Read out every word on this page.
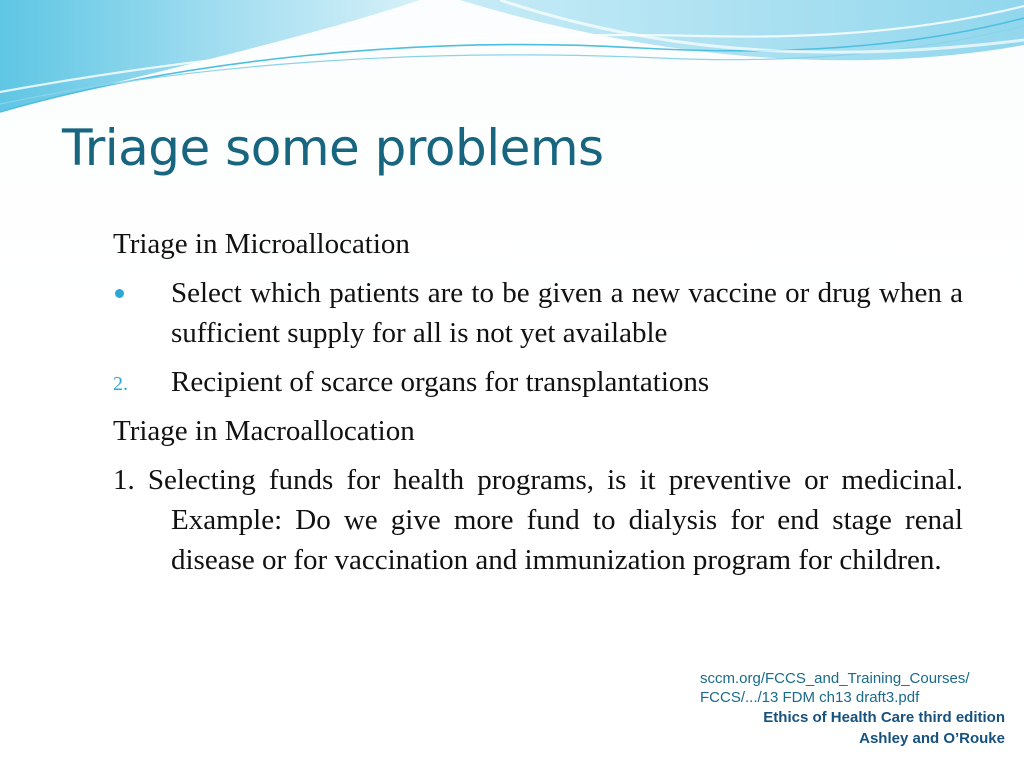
Triage some problems

Triage in Microallocation

Select which patients are to be given a new vaccine or drug when a sufficient supply for all is not yet available
2. Recipient of scarce organs for transplantations

Triage in Macroallocation

1. Selecting funds for health programs, is it preventive or medicinal. Example: Do we give more fund to dialysis for end stage renal disease or for vaccination and immunization program for children.

sccm.org/FCCS_and_Training_Courses/
FCCS/.../13 FDM ch13 draft3.pdf
Ethics of Health Care third edition
Ashley and O’Rouke
